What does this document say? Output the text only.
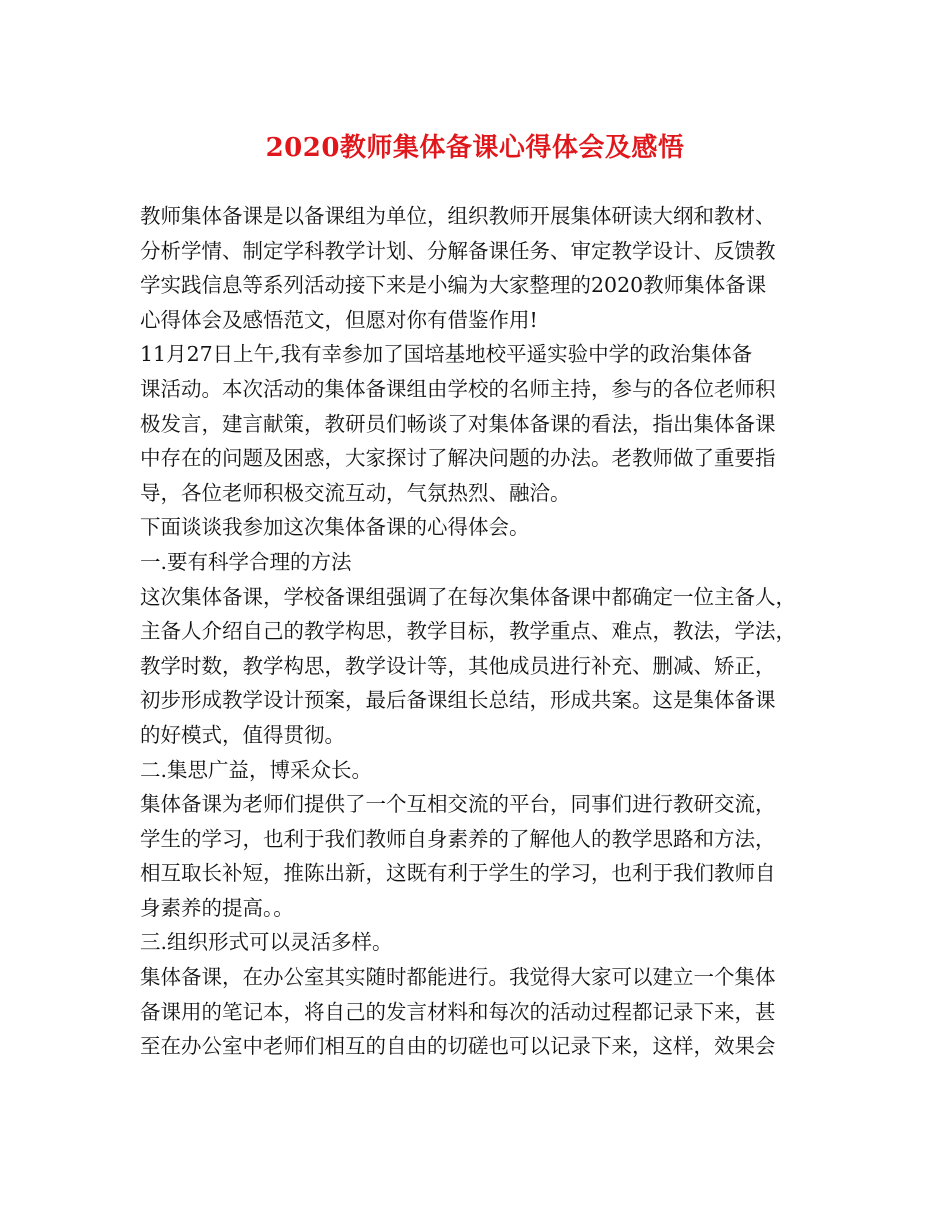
2020教师集体备课心得体会及感悟
教师集体备课是以备课组为单位，组织教师开展集体研读大纲和教材、
分析学情、制定学科教学计划、分解备课任务、审定教学设计、反馈教
学实践信息等系列活动接下来是小编为大家整理的2020教师集体备课
心得体会及感悟范文，但愿对你有借鉴作用!
11月27日上午,我有幸参加了国培基地校平遥实验中学的政治集体备
课活动。本次活动的集体备课组由学校的名师主持，参与的各位老师积
极发言，建言献策，教研员们畅谈了对集体备课的看法，指出集体备课
中存在的问题及困惑，大家探讨了解决问题的办法。老教师做了重要指
导，各位老师积极交流互动，气氛热烈、融洽。
下面谈谈我参加这次集体备课的心得体会。
一.要有科学合理的方法
这次集体备课，学校备课组强调了在每次集体备课中都确定一位主备人，
主备人介绍自己的教学构思，教学目标，教学重点、难点，教法，学法，
教学时数，教学构思，教学设计等，其他成员进行补充、删减、矫正，
初步形成教学设计预案，最后备课组长总结，形成共案。这是集体备课
的好模式，值得贯彻。
二.集思广益，博采众长。
集体备课为老师们提供了一个互相交流的平台，同事们进行教研交流，
学生的学习，也利于我们教师自身素养的了解他人的教学思路和方法，
相互取长补短，推陈出新，这既有利于学生的学习，也利于我们教师自
身素养的提高。。
三.组织形式可以灵活多样。
集体备课，在办公室其实随时都能进行。我觉得大家可以建立一个集体
备课用的笔记本，将自己的发言材料和每次的活动过程都记录下来，甚
至在办公室中老师们相互的自由的切磋也可以记录下来，这样，效果会
